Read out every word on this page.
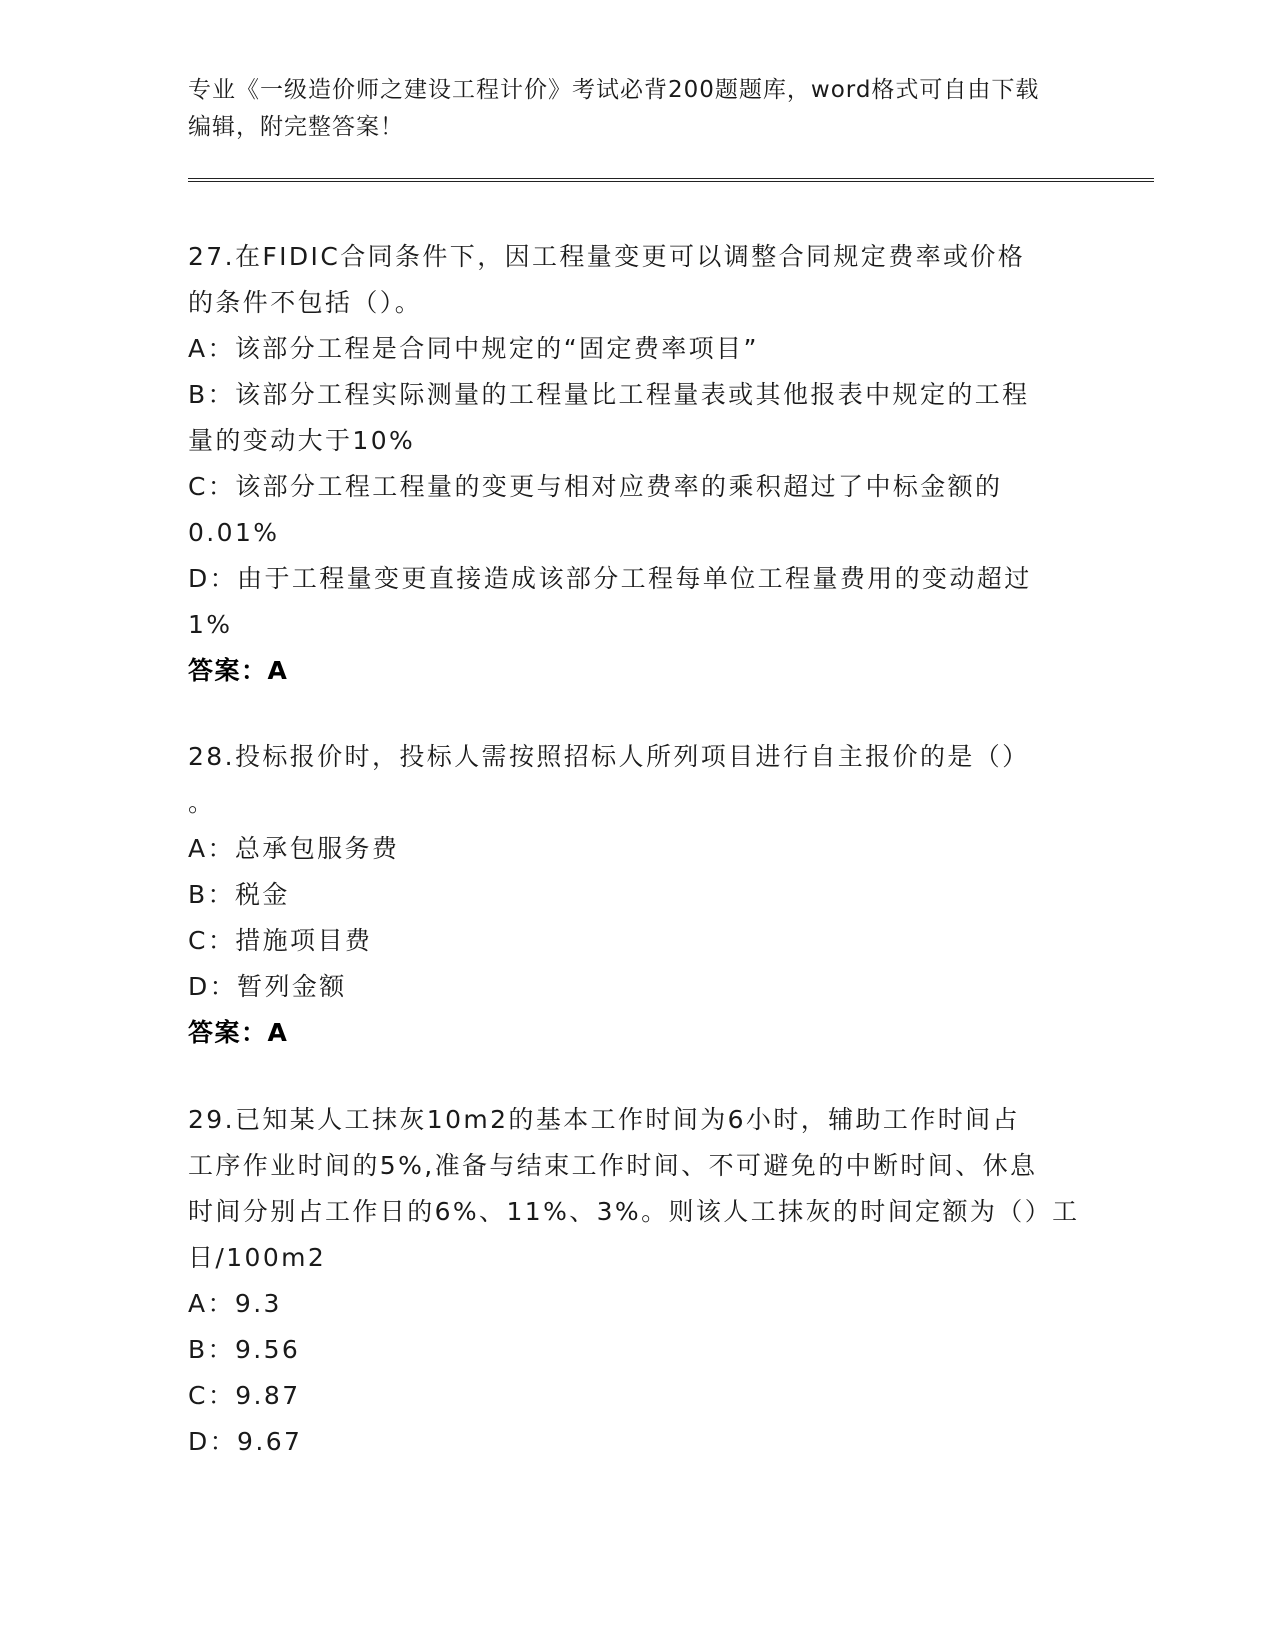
专业《一级造价师之建设工程计价》考试必背200题题库，word格式可自由下载
编辑，附完整答案！
27.在FIDIC合同条件下，因工程量变更可以调整合同规定费率或价格
的条件不包括（）。
A：该部分工程是合同中规定的“固定费率项目”
B：该部分工程实际测量的工程量比工程量表或其他报表中规定的工程
量的变动大于10%
C：该部分工程工程量的变更与相对应费率的乘积超过了中标金额的
0.01%
D：由于工程量变更直接造成该部分工程每单位工程量费用的变动超过
1%
答案：A
28.投标报价时，投标人需按照招标人所列项目进行自主报价的是（）
。
A：总承包服务费
B：税金
C：措施项目费
D：暂列金额
答案：A
29.已知某人工抹灰10m2的基本工作时间为6小时，辅助工作时间占
工序作业时间的5%,准备与结束工作时间、不可避免的中断时间、休息
时间分别占工作日的6%、11%、3%。则该人工抹灰的时间定额为（）工
日/100m2
A：9.3
B：9.56
C：9.87
D：9.67
